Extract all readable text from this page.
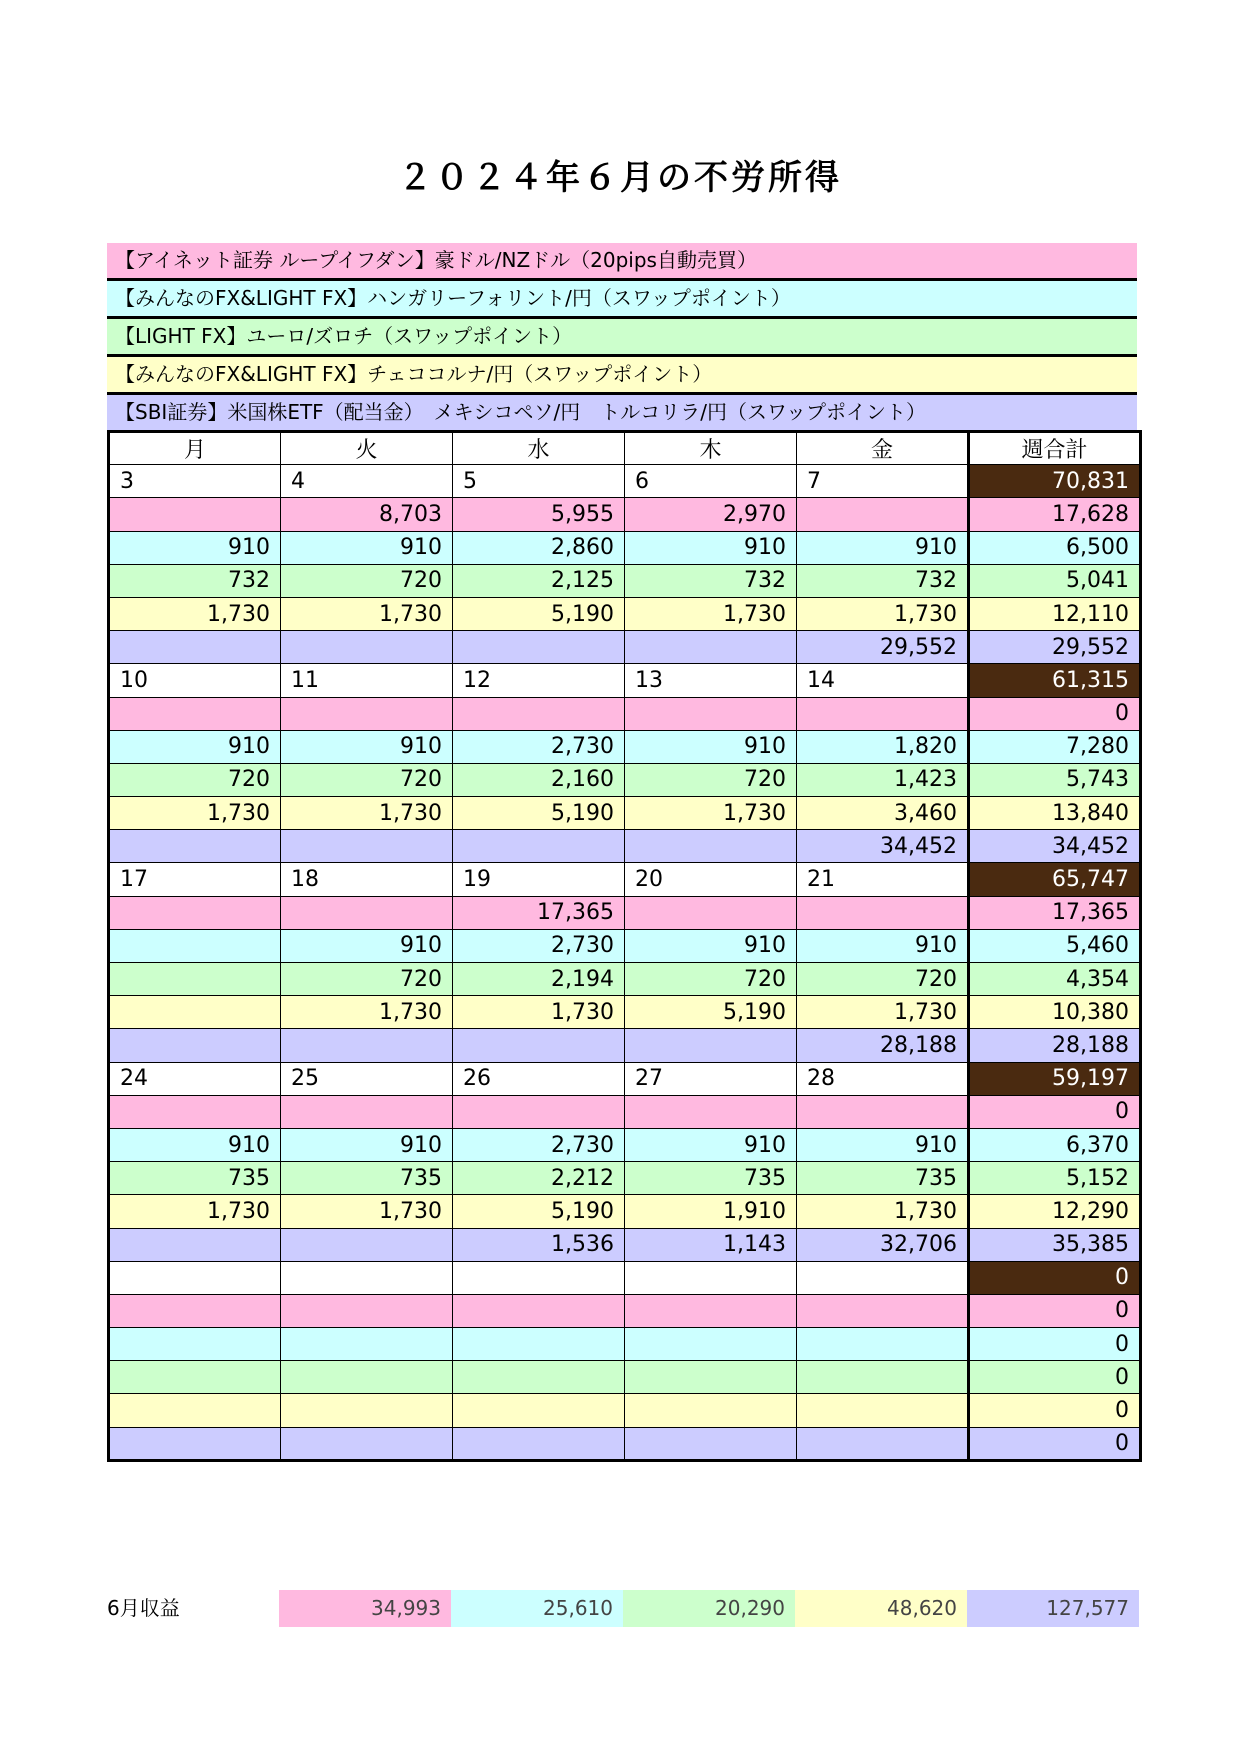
２０２４年６月の不労所得
【アイネット証券 ループイフダン】豪ドル/NZドル（20pips自動売買）
【みんなのFX&LIGHT FX】ハンガリーフォリント/円（スワップポイント）
【LIGHT FX】ユーロ/ズロチ（スワップポイント）
【みんなのFX&LIGHT FX】チェココルナ/円（スワップポイント）
【SBI証券】米国株ETF（配当金）　メキシコペソ/円　トルコリラ/円（スワップポイント）
月	火	水	木	金	週合計
3	4	5	6	7	70,831
	8,703	5,955	2,970		17,628
910	910	2,860	910	910	6,500
732	720	2,125	732	732	5,041
1,730	1,730	5,190	1,730	1,730	12,110
				29,552	29,552
10	11	12	13	14	61,315
					0
910	910	2,730	910	1,820	7,280
720	720	2,160	720	1,423	5,743
1,730	1,730	5,190	1,730	3,460	13,840
				34,452	34,452
17	18	19	20	21	65,747
		17,365			17,365
	910	2,730	910	910	5,460
	720	2,194	720	720	4,354
	1,730	1,730	5,190	1,730	10,380
				28,188	28,188
24	25	26	27	28	59,197
					0
910	910	2,730	910	910	6,370
735	735	2,212	735	735	5,152
1,730	1,730	5,190	1,910	1,730	12,290
		1,536	1,143	32,706	35,385
					0
					0
					0
					0
					0
					0
6月収益	34,993	25,610	20,290	48,620	127,577
